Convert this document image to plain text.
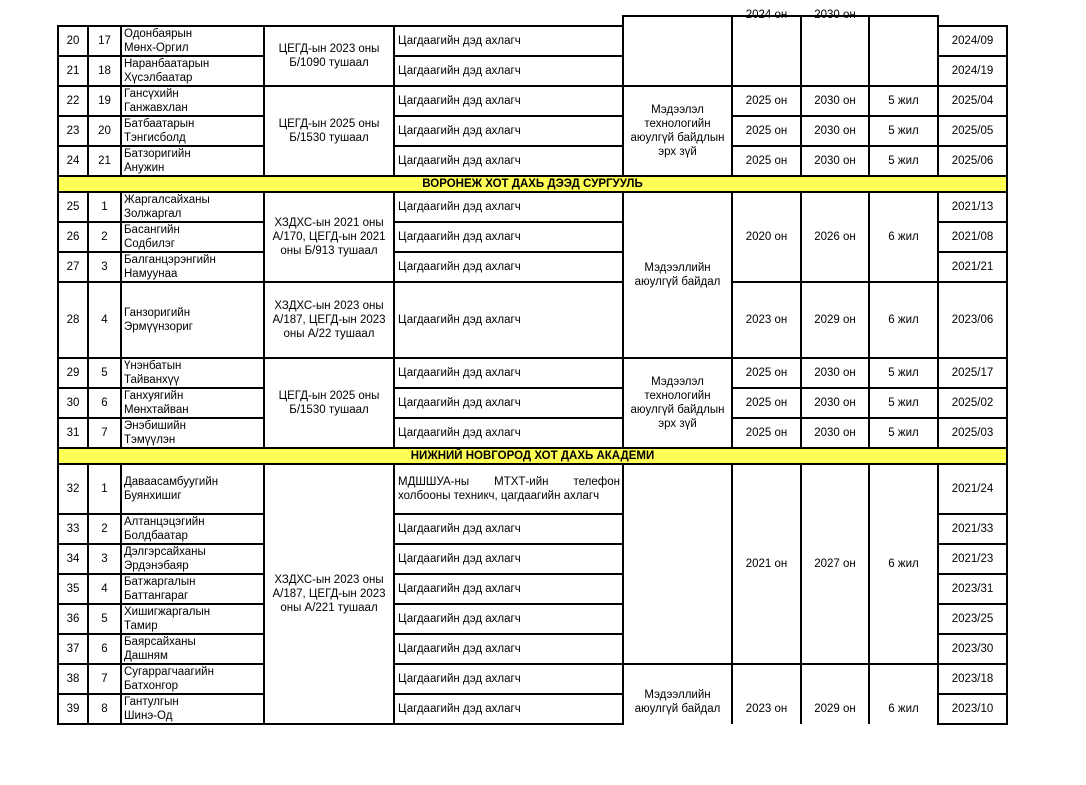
						2024 он	2030 он		

20	17	Одонбаярын
Мөнх-Оргил	ЦЕГД-ын 2023 оны Б/1090 тушаал	Цагдаагийн дэд ахлагч					2024/09
21	18	Наранбаатарын
Хүсэлбаатар		Цагдаагийн дэд ахлагч					2024/19
22	19	Гансүхийн
Ганжавхлан	ЦЕГД-ын 2025 оны Б/1530 тушаал	Цагдаагийн дэд ахлагч	Мэдээлэл технологийн аюулгүй байдлын эрх зүй	2025 он	2030 он	5 жил	2025/04
23	20	Батбаатарын
Тэнгисболд		Цагдаагийн дэд ахлагч		2025 он	2030 он	5 жил	2025/05
24	21	Батзоригийн
Анужин		Цагдаагийн дэд ахлагч		2025 он	2030 он	5 жил	2025/06
ВОРОНЕЖ ХОТ ДАХЬ ДЭЭД СУРГУУЛЬ									
25	1	Жаргалсайханы
Золжаргал	ХЗДХС-ын 2021 оны А/170, ЦЕГД-ын 2021 оны Б/913 тушаал	Цагдаагийн дэд ахлагч	Мэдээллийн аюулгүй байдал	2020 он	2026 он	6 жил	2021/13
26	2	Басангийн
Содбилэг		Цагдаагийн дэд ахлагч					2021/08
27	3	Балганцэрэнгийн
Намуунаа		Цагдаагийн дэд ахлагч					2021/21
28	4	Ганзоригийн
Эрмүүнзориг	ХЗДХС-ын 2023 оны А/187, ЦЕГД-ын 2023 оны А/22 тушаал	Цагдаагийн дэд ахлагч		2023 он	2029 он	6 жил	2023/06
29	5	Үнэнбатын
Тайванхүү	ЦЕГД-ын 2025 оны Б/1530 тушаал	Цагдаагийн дэд ахлагч	Мэдээлэл технологийн аюулгүй байдлын эрх зүй	2025 он	2030 он	5 жил	2025/17
30	6	Ганхуягийн
Мөнхтайван		Цагдаагийн дэд ахлагч		2025 он	2030 он	5 жил	2025/02
31	7	Энэбишийн
Тэмүүлэн		Цагдаагийн дэд ахлагч		2025 он	2030 он	5 жил	2025/03
НИЖНИЙ НОВГОРОД ХОТ ДАХЬ АКАДЕМИ									
32	1	Даваасамбуугийн
Буянхишиг	ХЗДХС-ын 2023 оны А/187, ЦЕГД-ын 2023 оны А/221 тушаал	МДШШУА-ны МТХТ-ийн телефон холбооны техникч, цагдаагийн ахлагч		2021 он	2027 он	6 жил	2021/24
33	2	Алтанцэцэгийн
Болдбаатар		Цагдаагийн дэд ахлагч					2021/33
34	3	Дэлгэрсайханы
Эрдэнэбаяр		Цагдаагийн дэд ахлагч					2021/23
35	4	Батжаргалын
Баттангараг		Цагдаагийн дэд ахлагч					2023/31
36	5	Хишигжаргалын
Тамир		Цагдаагийн дэд ахлагч					2023/25
37	6	Баярсайханы
Дашням		Цагдаагийн дэд ахлагч					2023/30
38	7	Сугаррагчаагийн
Батхонгор		Цагдаагийн дэд ахлагч	Мэдээллийн аюулгүй байдал	2023 он	2029 он	6 жил	2023/18
39	8	Гантулгын
Шинэ-Од		Цагдаагийн дэд ахлагч					2023/10
